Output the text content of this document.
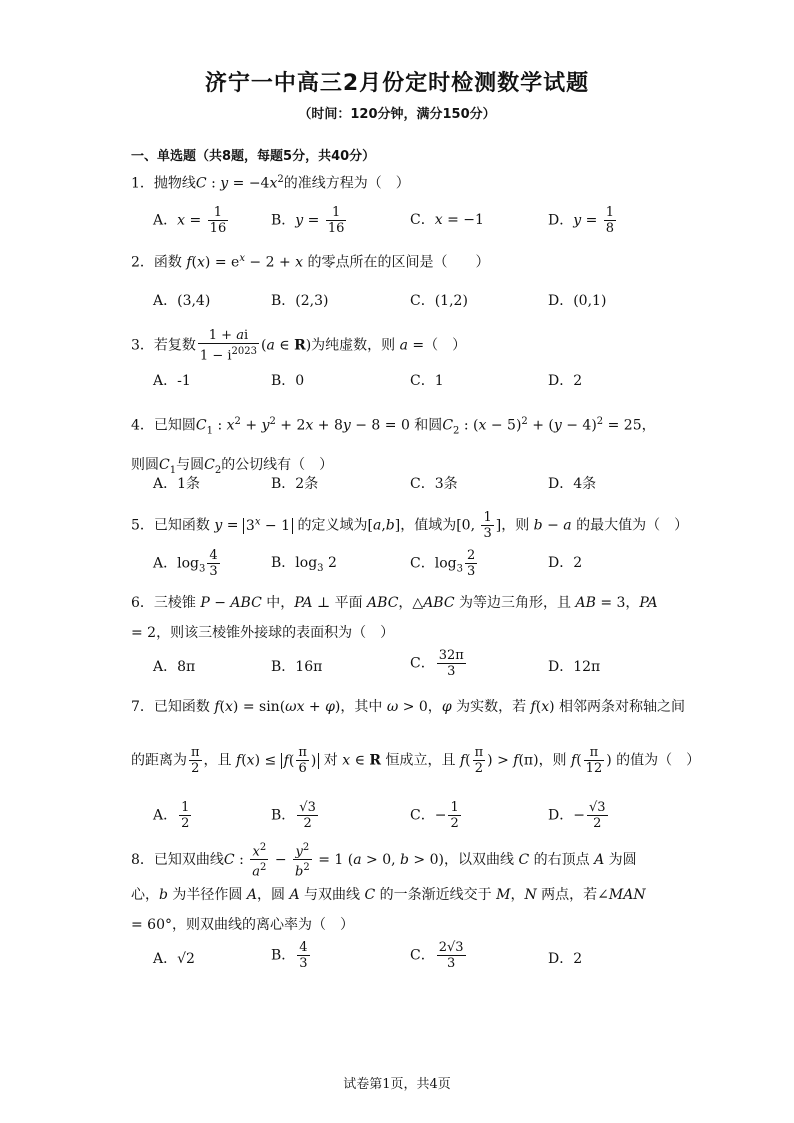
济宁一中高三2月份定时检测数学试题
（时间：120分钟，满分150分）
一、单选题（共8题，每题5分，共40分）
1．抛物线C : $y = -4x^2$的准线方程为（　）
A．$x = \frac{1}{16}$	B．$y = \frac{1}{16}$	C．x = −1	D．$y = \frac{1}{8}$
2．函数 $f(x) = e^x - 2 + x$ 的零点所在的区间是（　　）
A．(3,4)	B．(2,3)	C．(1,2)	D．(0,1)
3．若复数 $\frac{1 + ai}{1 - i^{2023}} (a$ ∈ R)为纯虚数，则 a =（　）
A．-1	B．0	C．1	D．2
4．已知圆$C_1$ : $x^2 + y^2 + 2x + 8y - 8 = 0$ 和圆$C_2$ : $(x - 5)^2 + (y - 4)^2 = 25$，则圆$C_1$与圆$C_2$的公切线有（　）
A．1条	B．2条	C．3条	D．4条
5．已知函数 $y = 3^x - 1$ 的定义域为[a,b]，值域为[0, $\frac{1}{3}$ ]，则 b − a 的最大值为（　）
A．$\log_3 \frac{4}{3}$	B．$\log_3 2$	C．$\log_3 \frac{2}{3}$	D．2
6．三棱锥 P − ABC 中，PA ⊥ 平面 ABC，△ABC 为等边三角形，且 AB = 3，PA = 2，则该三棱锥外接球的表面积为（　）
A．8π	B．16π	C． $\frac{32\pi}{3}$	D．12π
7．已知函数 f(x) = sin(ωx + φ)，其中 ω > 0，φ 为实数，若 f(x) 相邻两条对称轴之间
的距离为 $\frac{\pi}{2}$ ，且 $f(x) \le f( \frac{\pi}{6}$ ) 对 x ∈ R 恒成立，且 $f( \frac{\pi}{2}$ ) > f(π)，则 $f( \frac{\pi}{12}$ ) 的值为（　）
A． $\frac{1}{2}$	B． $\frac{√3}{2}$	C．− $\frac{1}{2}$	D．− $\frac{√3}{2}$
8．已知双曲线C : $\frac{x^2}{a^2} - \frac{y^2}{b^2} = 1$ (a > 0, b > 0)，以双曲线 C 的右顶点 A 为圆心，b 为半径作圆 A，圆 A 与双曲线 C 的一条渐近线交于 M，N 两点，若∠MAN = 60°，则双曲线的离心率为（　）
A．√2	B． $\frac{4}{3}$	C． $\frac{2√3}{3}$	D．2
试卷第1页，共4页
